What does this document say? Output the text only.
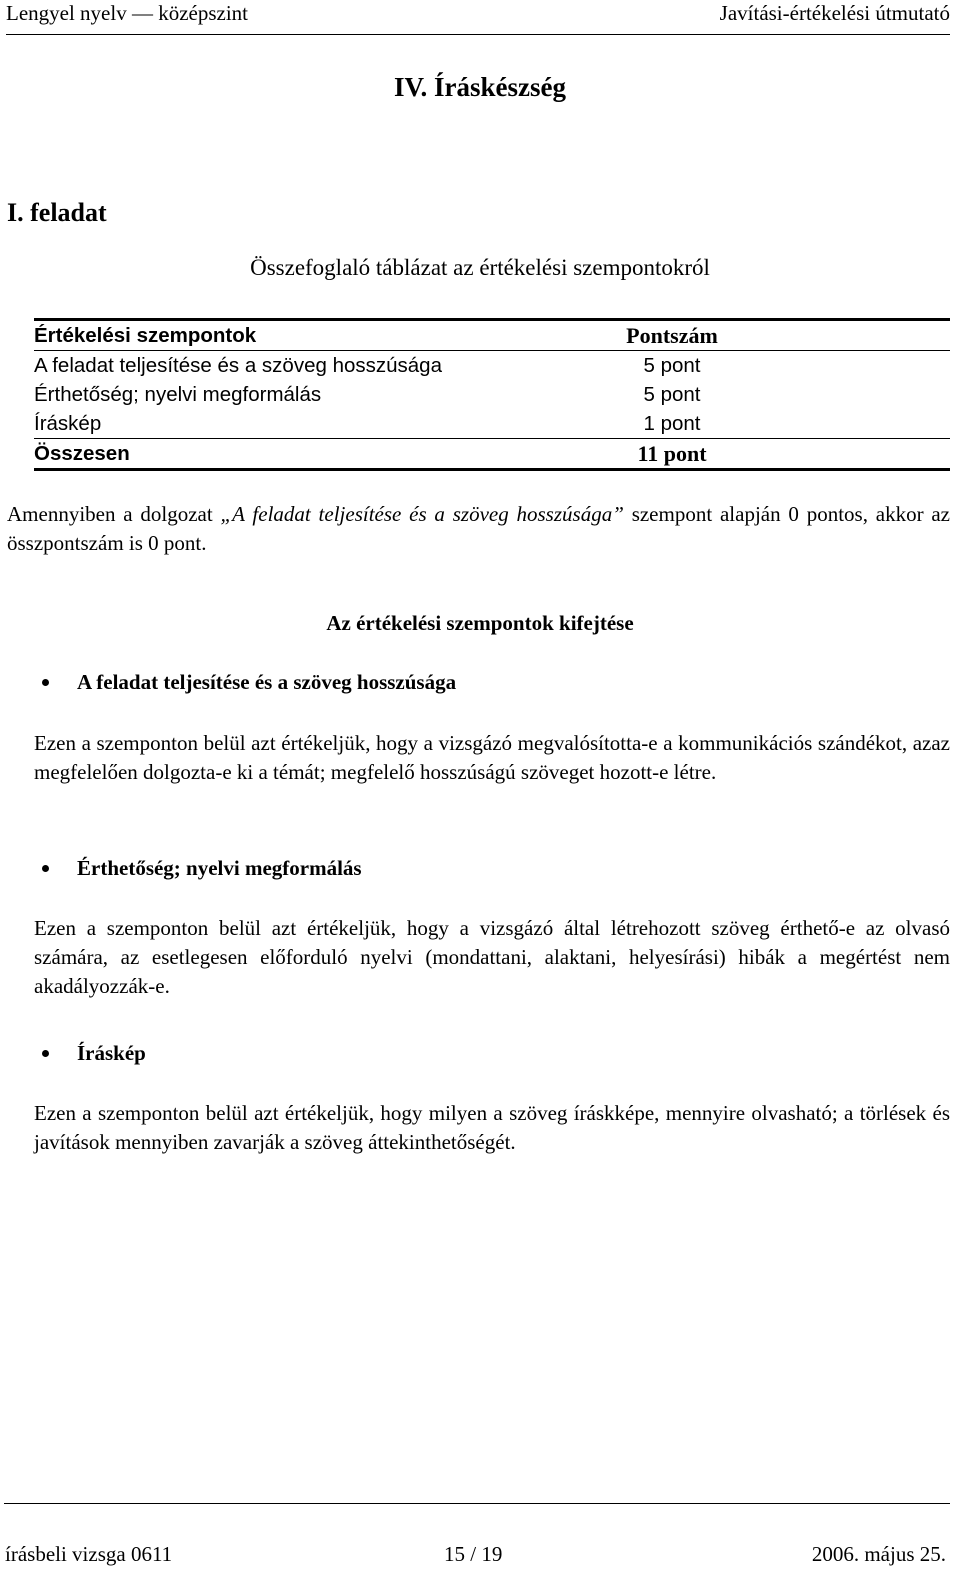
Lengyel nyelv — középszint	Javítási-értékelési útmutató
IV. Íráskészség
I. feladat
Összefoglaló táblázat az értékelési szempontokról
Értékelési szempontok	Pontszám
A feladat teljesítése és a szöveg hosszúsága	5 pont
Érthetőség; nyelvi megformálás	5 pont
Íráskép	1 pont
Összesen	11 pont
Amennyiben a dolgozat „A feladat teljesítése és a szöveg hosszúsága” szempont alapján 0 pontos, akkor az összpontszám is 0 pont.
Az értékelési szempontok kifejtése
A feladat teljesítése és a szöveg hosszúsága
Ezen a szemponton belül azt értékeljük, hogy a vizsgázó megvalósította-e a kommunikációs szándékot, azaz megfelelően dolgozta-e ki a témát; megfelelő hosszúságú szöveget hozott-e létre.
Érthetőség; nyelvi megformálás
Ezen a szemponton belül azt értékeljük, hogy a vizsgázó által létrehozott szöveg érthető-e az olvasó számára, az esetlegesen előforduló nyelvi (mondattani, alaktani, helyesírási) hibák a megértést nem akadályozzák-e.
Íráskép
Ezen a szemponton belül azt értékeljük, hogy milyen a szöveg íráskképe, mennyire olvasható; a törlések és javítások mennyiben zavarják a szöveg áttekinthetőségét.
írásbeli vizsga 0611	15 / 19	2006. május 25.
